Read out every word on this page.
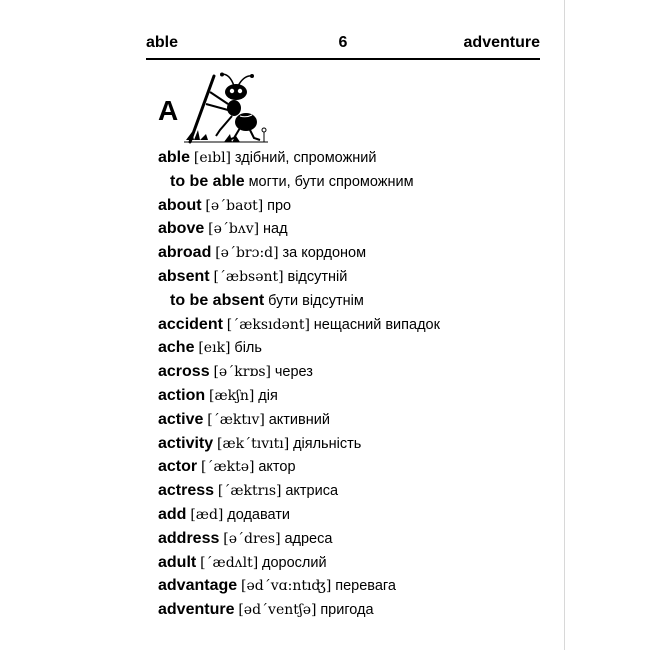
able	6	adventure
A
able [eıbl] здібний, спроможний
to be able могти, бути спроможним
about [ə´baʊt] про
above [ə´bʌv] над
abroad [ə´brɔ:d] за кордоном
absent [´æbsənt] відсутній
to be absent бути відсутнім
accident [´æksıdənt] нещасний випадок
ache [eık] біль
across [ə´krɒs] через
action [ækʃn] дія
active [´æktıv] активний
activity [æk´tıvıtı] діяльність
actor [´æktə] актор
actress [´æktrıs] актриса
add [æd] додавати
address [ə´dres] адреса
adult [´ædʌlt] дорослий
advantage [əd´vɑ:ntıʤ] перевага
adventure [əd´ventʃə] пригода
